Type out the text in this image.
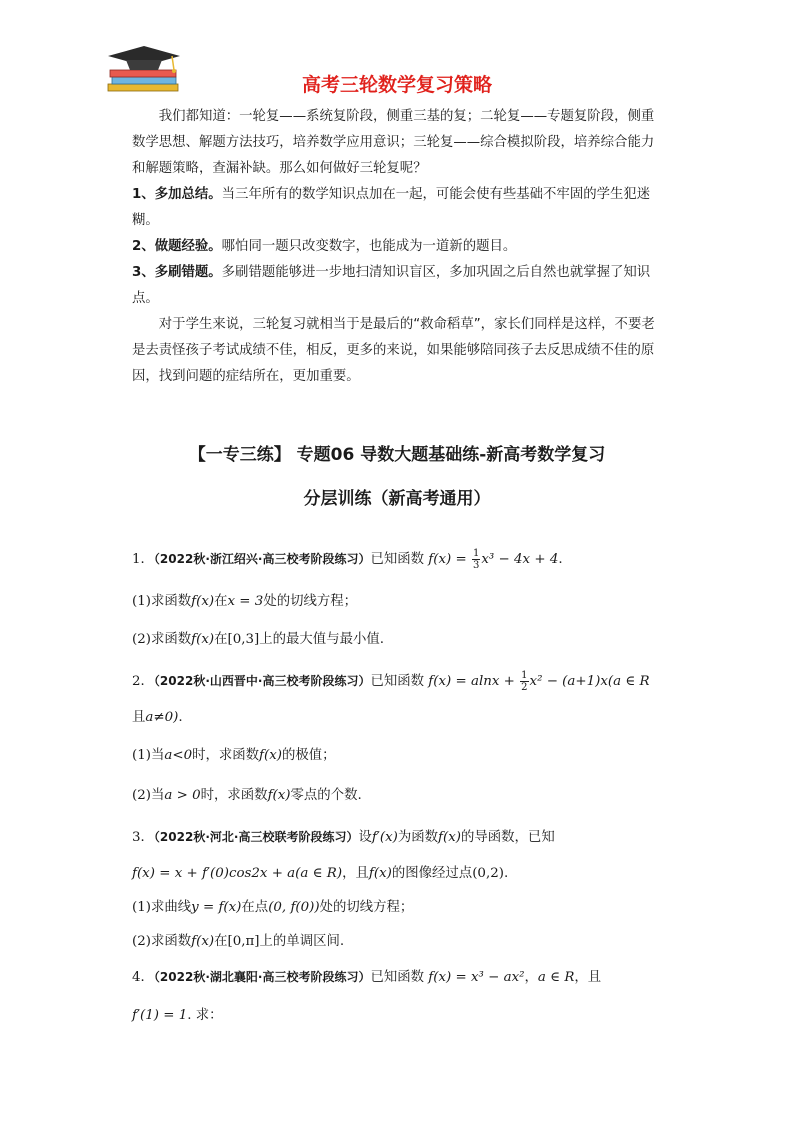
高考三轮数学复习策略

我们都知道：一轮复——系统复阶段，侧重三基的复；二轮复——专题复阶段，侧重数学思想、解题方法技巧，培养数学应用意识；三轮复——综合模拟阶段，培养综合能力和解题策略，查漏补缺。那么如何做好三轮复呢？

1、多加总结。当三年所有的数学知识点加在一起，可能会使有些基础不牢固的学生犯迷糊。

2、做题经验。哪怕同一题只改变数字，也能成为一道新的题目。

3、多刷错题。多刷错题能够进一步地扫清知识盲区，多加巩固之后自然也就掌握了知识点。

对于学生来说，三轮复习就相当于是最后的“救命稻草”，家长们同样是这样，不要老是去责怪孩子考试成绩不佳，相反，更多的来说，如果能够陪同孩子去反思成绩不佳的原因，找到问题的症结所在，更加重要。

【一专三练】 专题06 导数大题基础练-新高考数学复习
分层训练（新高考通用）
1．（2022秋·浙江绍兴·高三校考阶段练习）已知函数 $f(x) = \frac{1}{3} x^3 - 4x + 4$.
(1)求函数f(x)在x = 3处的切线方程；
(2)求函数f(x)在[0,3]上的最大值与最小值.
2．（2022秋·山西晋中·高三校考阶段练习）已知函数 $f(x) = alnx + \frac{1}{2} x^2 - (a+1)x(a$ ∈ R
且a≠0).
(1)当a<0时，求函数f(x)的极值；
(2)当a > 0时，求函数f(x)零点的个数.
3．（2022秋·河北·高三校联考阶段练习）设f′(x)为函数f(x)的导函数，已知
f(x) = x + f′(0)cos2x + a(a ∈ R)，且f(x)的图像经过点(0,2).
(1)求曲线y = f(x)在点(0, f(0))处的切线方程；
(2)求函数f(x)在[0,π]上的单调区间.
4．（2022秋·湖北襄阳·高三校考阶段练习）已知函数 f(x) = x³ − ax²，a ∈ R，且
f′(1) = 1. 求：
